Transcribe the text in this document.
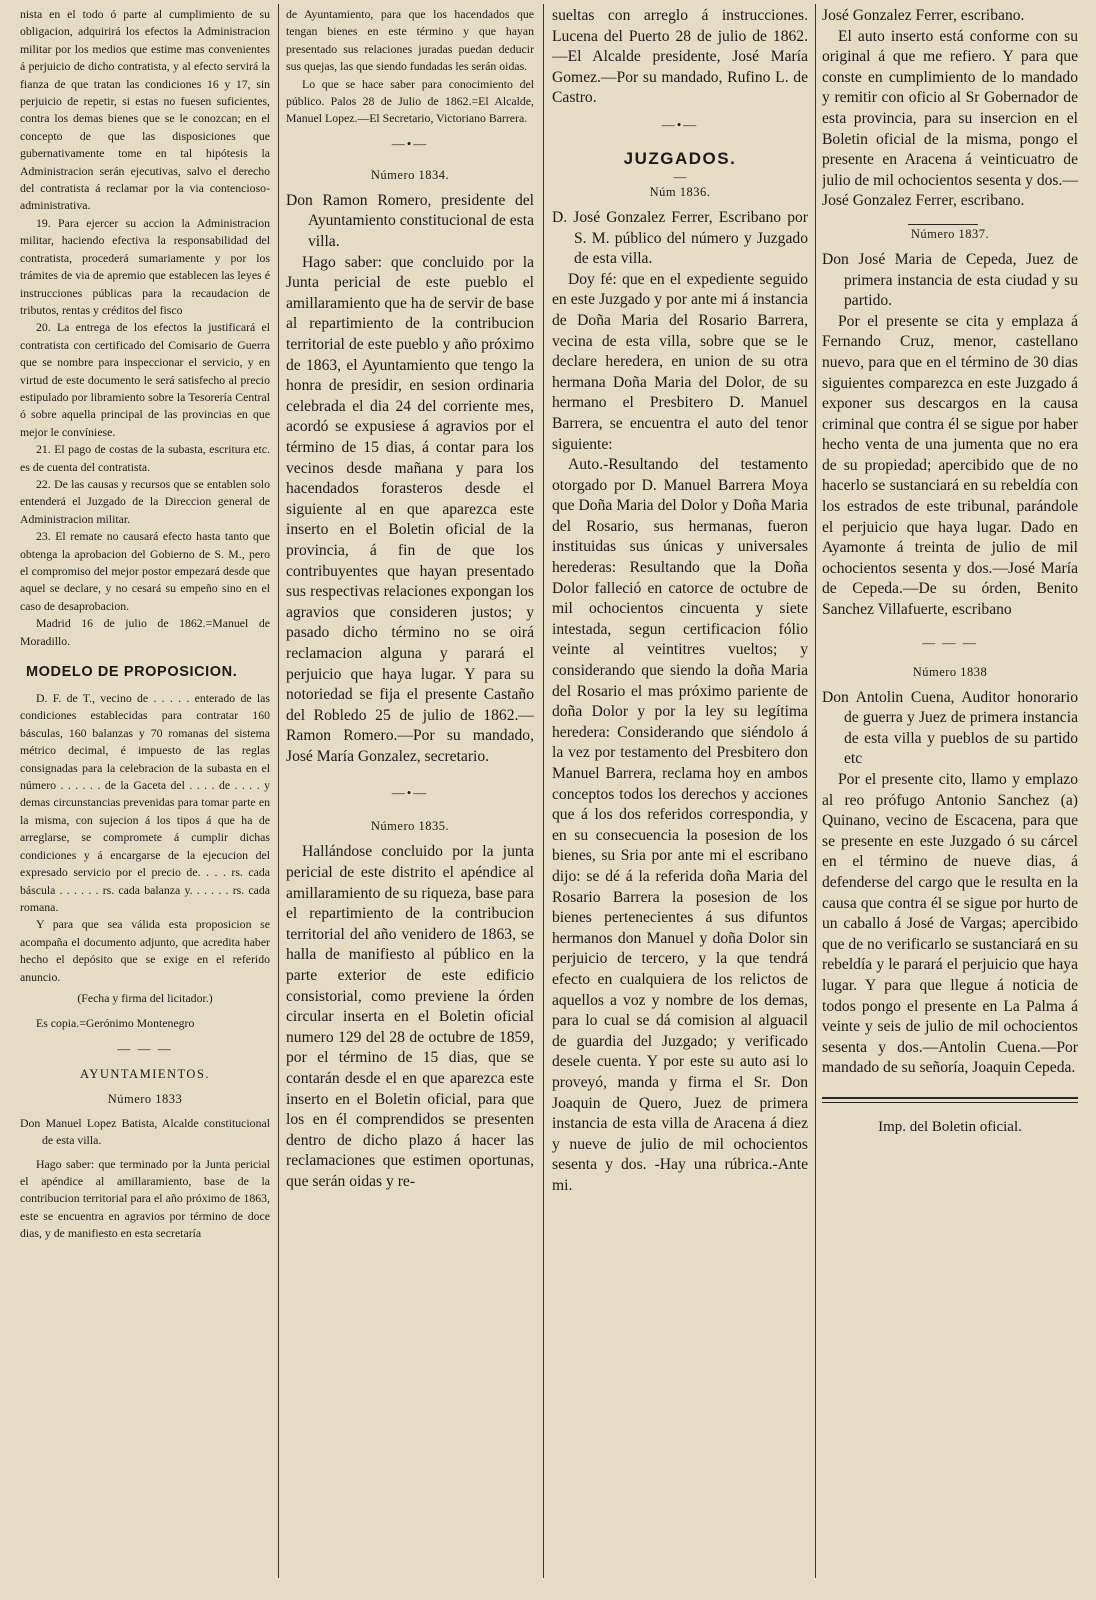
nista en el todo ó parte al cumplimiento de su obligacion, adquirirá los efectos la Administracion militar por los medios que estime mas convenientes á perjuicio de dicho contratista, y al efecto servirá la fianza de que tratan las condiciones 16 y 17, sin perjuicio de repetir, si estas no fuesen suficientes, contra los demas bienes que se le conozcan; en el concepto de que las disposiciones que gubernativamente tome en tal hipótesis la Administracion serán ejecutivas, salvo el derecho del contratista á reclamar por la via contencioso-administrativa.

19. Para ejercer su accion la Administracion militar, haciendo efectiva la responsabilidad del contratista, procederá sumariamente y por los trámites de via de apremio que establecen las leyes é instrucciones públicas para la recaudacion de tributos, rentas y créditos del fisco

20. La entrega de los efectos la justificará el contratista con certificado del Comisario de Guerra que se nombre para inspeccionar el servicio, y en virtud de este documento le será satisfecho al precio estipulado por libramiento sobre la Tesorería Central ó sobre aquella principal de las provincias en que mejor le convíniese.

21. El pago de costas de la subasta, escritura etc. es de cuenta del contratista.

22. De las causas y recursos que se entablen solo entenderá el Juzgado de la Direccion general de Administracion militar.

23. El remate no causará efecto hasta tanto que obtenga la aprobacion del Gobierno de S. M., pero el compromiso del mejor postor empezará desde que aquel se declare, y no cesará su empeño sino en el caso de desaprobacion.

Madrid 16 de julio de 1862.=Manuel de Moradillo.

MODELO DE PROPOSICION.

D. F. de T., vecino de . . . . . enterado de las condiciones establecidas para contratar 160 básculas, 160 balanzas y 70 romanas del sistema métrico decimal, é impuesto de las reglas consignadas para la celebracion de la subasta en el número . . . . . . de la Gaceta del . . . . de . . . . y demas circunstancias prevenidas para tomar parte en la misma, con sujecion á los tipos á que ha de arreglarse, se compromete á cumplir dichas condiciones y á encargarse de la ejecucion del expresado servicio por el precio de. . . . rs. cada báscula . . . . . . rs. cada balanza y. . . . . . rs. cada romana.

Y para que sea válida esta proposicion se acompaña el documento adjunto, que acredita haber hecho el depósito que se exige en el referido anuncio.

(Fecha y firma del licitador.)

Es copia.=Gerónimo Montenegro

— — —
AYUNTAMIENTOS.
Número 1833

Don Manuel Lopez Batista, Alcalde constitucional de esta villa.

Hago saber: que terminado por la Junta pericial el apéndice al amillaramiento, base de la contribucion territorial para el año próximo de 1863, este se encuentra en agravios por término de doce dias, y de manifiesto en esta secretaría

de Ayuntamiento, para que los hacendados que tengan bienes en este término y que hayan presentado sus relaciones juradas puedan deducir sus quejas, las que siendo fundadas les serán oidas.

Lo que se hace saber para conocimiento del público. Palos 28 de Julio de 1862.=El Alcalde, Manuel Lopez.—El Secretario, Victoriano Barrera.

—•—
Número 1834.

Don Ramon Romero, presidente del Ayuntamiento constitucional de esta villa.

Hago saber: que concluido por la Junta pericial de este pueblo el amillaramiento que ha de servir de base al repartimiento de la contribucion territorial de este pueblo y año próximo de 1863, el Ayuntamiento que tengo la honra de presidir, en sesion ordinaria celebrada el dia 24 del corriente mes, acordó se expusiese á agravios por el término de 15 dias, á contar para los vecinos desde mañana y para los hacendados forasteros desde el siguiente al en que aparezca este inserto en el Boletin oficial de la provincia, á fin de que los contribuyentes que hayan presentado sus respectivas relaciones expongan los agravios que consideren justos; y pasado dicho término no se oirá reclamacion alguna y parará el perjuicio que haya lugar. Y para su notoriedad se fija el presente Castaño del Robledo 25 de julio de 1862.—Ramon Romero.—Por su mandado, José María Gonzalez, secretario.

—•—
Número 1835.

Hallándose concluido por la junta pericial de este distrito el apéndice al amillaramiento de su riqueza, base para el repartimiento de la contribucion territorial del año venidero de 1863, se halla de manifiesto al público en la parte exterior de este edificio consistorial, como previene la órden circular inserta en el Boletin oficial numero 129 del 28 de octubre de 1859, por el término de 15 dias, que se contarán desde el en que aparezca este inserto en el Boletin oficial, para que los en él comprendidos se presenten dentro de dicho plazo á hacer las reclamaciones que estimen oportunas, que serán oidas y re-

sueltas con arreglo á instrucciones. Lucena del Puerto 28 de julio de 1862.—El Alcalde presidente, José María Gomez.—Por su mandado, Rufino L. de Castro.

—•—
JUZGADOS.
—
Núm 1836.

D. José Gonzalez Ferrer, Escribano por S. M. público del número y Juzgado de esta villa.

Doy fé: que en el expediente seguido en este Juzgado y por ante mi á instancia de Doña Maria del Rosario Barrera, vecina de esta villa, sobre que se le declare heredera, en union de su otra hermana Doña Maria del Dolor, de su hermano el Presbitero D. Manuel Barrera, se encuentra el auto del tenor siguiente:

Auto.-Resultando del testamento otorgado por D. Manuel Barrera Moya que Doña Maria del Dolor y Doña Maria del Rosario, sus hermanas, fueron instituidas sus únicas y universales herederas: Resultando que la Doña Dolor falleció en catorce de octubre de mil ochocientos cincuenta y siete intestada, segun certificacion fólio veinte al veintitres vueltos; y considerando que siendo la doña Maria del Rosario el mas próximo pariente de doña Dolor y por la ley su legítima heredera: Considerando que siéndolo á la vez por testamento del Presbitero don Manuel Barrera, reclama hoy en ambos conceptos todos los derechos y acciones que á los dos referidos correspondia, y en su consecuencia la posesion de los bienes, su Sria por ante mi el escribano dijo: se dé á la referida doña Maria del Rosario Barrera la posesion de los bienes pertenecientes á sus difuntos hermanos don Manuel y doña Dolor sin perjuicio de tercero, y la que tendrá efecto en cualquiera de los relictos de aquellos a voz y nombre de los demas, para lo cual se dá comision al alguacil de guardia del Juzgado; y verificado desele cuenta. Y por este su auto asi lo proveyó, manda y firma el Sr. Don Joaquin de Quero, Juez de primera instancia de esta villa de Aracena á diez y nueve de julio de mil ochocientos sesenta y dos. -Hay una rúbrica.-Ante mi.

José Gonzalez Ferrer, escribano.

El auto inserto está conforme con su original á que me refiero. Y para que conste en cumplimiento de lo mandado y remitir con oficio al Sr Gobernador de esta provincia, para su insercion en el Boletin oficial de la misma, pongo el presente en Aracena á veinticuatro de julio de mil ochocientos sesenta y dos.—José Gonzalez Ferrer, escribano.

Número 1837.

Don José Maria de Cepeda, Juez de primera instancia de esta ciudad y su partido.

Por el presente se cita y emplaza á Fernando Cruz, menor, castellano nuevo, para que en el término de 30 dias siguientes comparezca en este Juzgado á exponer sus descargos en la causa criminal que contra él se sigue por haber hecho venta de una jumenta que no era de su propiedad; apercibido que de no hacerlo se sustanciará en su rebeldía con los estrados de este tribunal, parándole el perjuicio que haya lugar. Dado en Ayamonte á treinta de julio de mil ochocientos sesenta y dos.—José María de Cepeda.—De su órden, Benito Sanchez Villafuerte, escribano

— — —
Número 1838

Don Antolin Cuena, Auditor honorario de guerra y Juez de primera instancia de esta villa y pueblos de su partido etc

Por el presente cito, llamo y emplazo al reo prófugo Antonio Sanchez (a) Quinano, vecino de Escacena, para que se presente en este Juzgado ó su cárcel en el término de nueve dias, á defenderse del cargo que le resulta en la causa que contra él se sigue por hurto de un caballo á José de Vargas; apercibido que de no verificarlo se sustanciará en su rebeldía y le parará el perjuicio que haya lugar. Y para que llegue á noticia de todos pongo el presente en La Palma á veinte y seis de julio de mil ochocientos sesenta y dos.—Antolin Cuena.—Por mandado de su señoría, Joaquin Cepeda.

Imp. del Boletin oficial.
